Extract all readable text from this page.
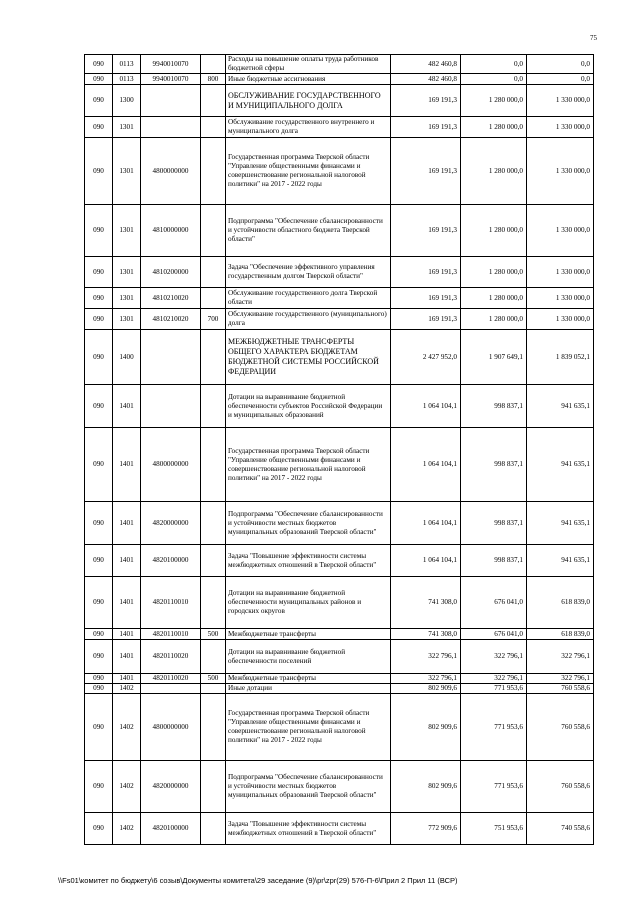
75
090	0113	9940010070		Расходы на повышение оплаты труда работников бюджетной сферы	482 460,8	0,0	0,0
090	0113	9940010070	800	Иные бюджетные ассигнования	482 460,8	0,0	0,0
090	1300			ОБСЛУЖИВАНИЕ ГОСУДАРСТВЕННОГО И МУНИЦИПАЛЬНОГО ДОЛГА	169 191,3	1 280 000,0	1 330 000,0
090	1301			Обслуживание государственного внутреннего и муниципального долга	169 191,3	1 280 000,0	1 330 000,0
090	1301	4800000000		Государственная программа Тверской области "Управление общественными финансами и совершенствование региональной налоговой политики" на 2017 - 2022 годы	169 191,3	1 280 000,0	1 330 000,0
090	1301	4810000000		Подпрограмма "Обеспечение сбалансированности и устойчивости областного бюджета Тверской области"	169 191,3	1 280 000,0	1 330 000,0
090	1301	4810200000		Задача "Обеспечение эффективного управления государственным долгом Тверской области"	169 191,3	1 280 000,0	1 330 000,0
090	1301	4810210020		Обслуживание государственного долга Тверской области	169 191,3	1 280 000,0	1 330 000,0
090	1301	4810210020	700	Обслуживание государственного (муниципального) долга	169 191,3	1 280 000,0	1 330 000,0
090	1400			МЕЖБЮДЖЕТНЫЕ ТРАНСФЕРТЫ ОБЩЕГО ХАРАКТЕРА БЮДЖЕТАМ БЮДЖЕТНОЙ СИСТЕМЫ РОССИЙСКОЙ ФЕДЕРАЦИИ	2 427 952,0	1 907 649,1	1 839 052,1
090	1401			Дотации на выравнивание бюджетной обеспеченности субъектов Российской Федерации и муниципальных образований	1 064 104,1	998 837,1	941 635,1
090	1401	4800000000		Государственная программа Тверской области "Управление общественными финансами и совершенствование региональной налоговой политики" на 2017 - 2022 годы	1 064 104,1	998 837,1	941 635,1
090	1401	4820000000		Подпрограмма "Обеспечение сбалансированности и устойчивости местных бюджетов муниципальных образований Тверской области"	1 064 104,1	998 837,1	941 635,1
090	1401	4820100000		Задача "Повышение эффективности системы межбюджетных отношений в Тверской области"	1 064 104,1	998 837,1	941 635,1
090	1401	4820110010		Дотации на выравнивание бюджетной обеспеченности муниципальных районов и городских округов	741 308,0	676 041,0	618 839,0
090	1401	4820110010	500	Межбюджетные трансферты	741 308,0	676 041,0	618 839,0
090	1401	4820110020		Дотации на выравнивание бюджетной обеспеченности поселений	322 796,1	322 796,1	322 796,1
090	1401	4820110020	500	Межбюджетные трансферты	322 796,1	322 796,1	322 796,1
090	1402			Иные дотации	802 909,6	771 953,6	760 558,6
090	1402	4800000000		Государственная программа Тверской области "Управление общественными финансами и совершенствование региональной налоговой политики" на 2017 - 2022 годы	802 909,6	771 953,6	760 558,6
090	1402	4820000000		Подпрограмма "Обеспечение сбалансированности и устойчивости местных бюджетов муниципальных образований Тверской области"	802 909,6	771 953,6	760 558,6
090	1402	4820100000		Задача "Повышение эффективности системы межбюджетных отношений в Тверской области"	772 909,6	751 953,6	740 558,6
\\Fs01\комитет по бюджету\6 созыв\Документы комитета\29 заседание (9)\pr\zpr(29) 576-П-6\Прил 2 Прил 11 (ВСР)
